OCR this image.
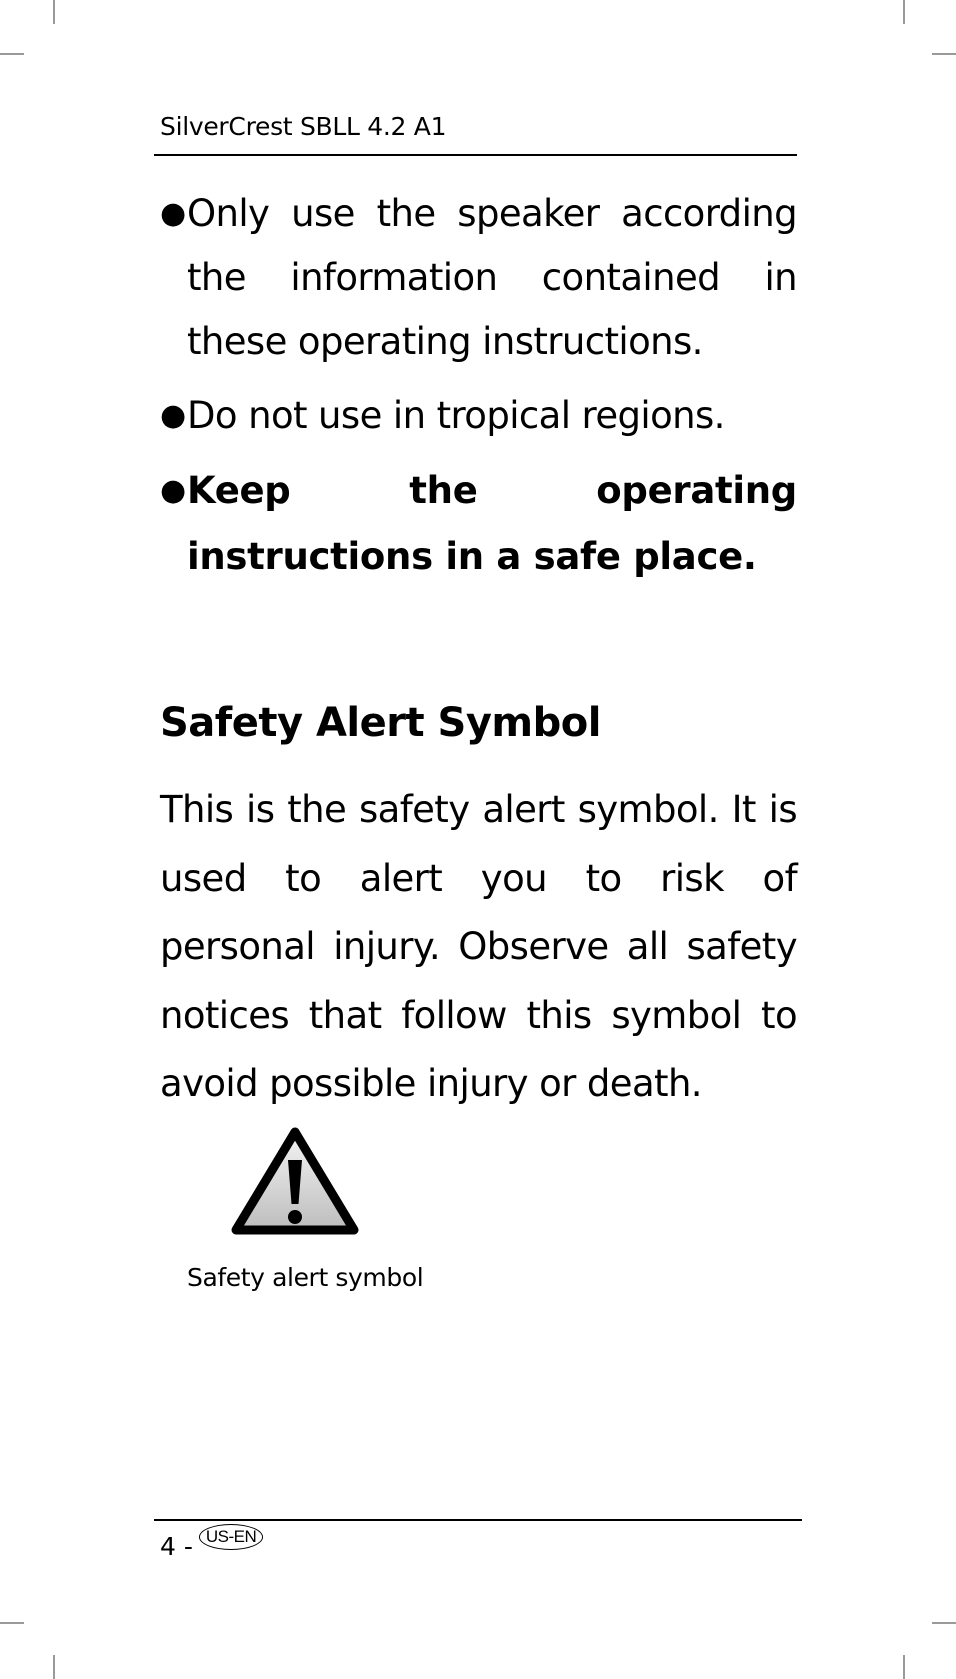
SilverCrest SBLL 4.2 A1
● Only use the speaker according the information contained in these operating instructions.
● Do not use in tropical regions.
● Keep the operating instructions in a safe place.
Safety Alert Symbol

This is the safety alert symbol. It is used to alert you to risk of personal injury. Observe all safety notices that follow this symbol to avoid possible injury or death.

Safety alert symbol
4 - US-EN
